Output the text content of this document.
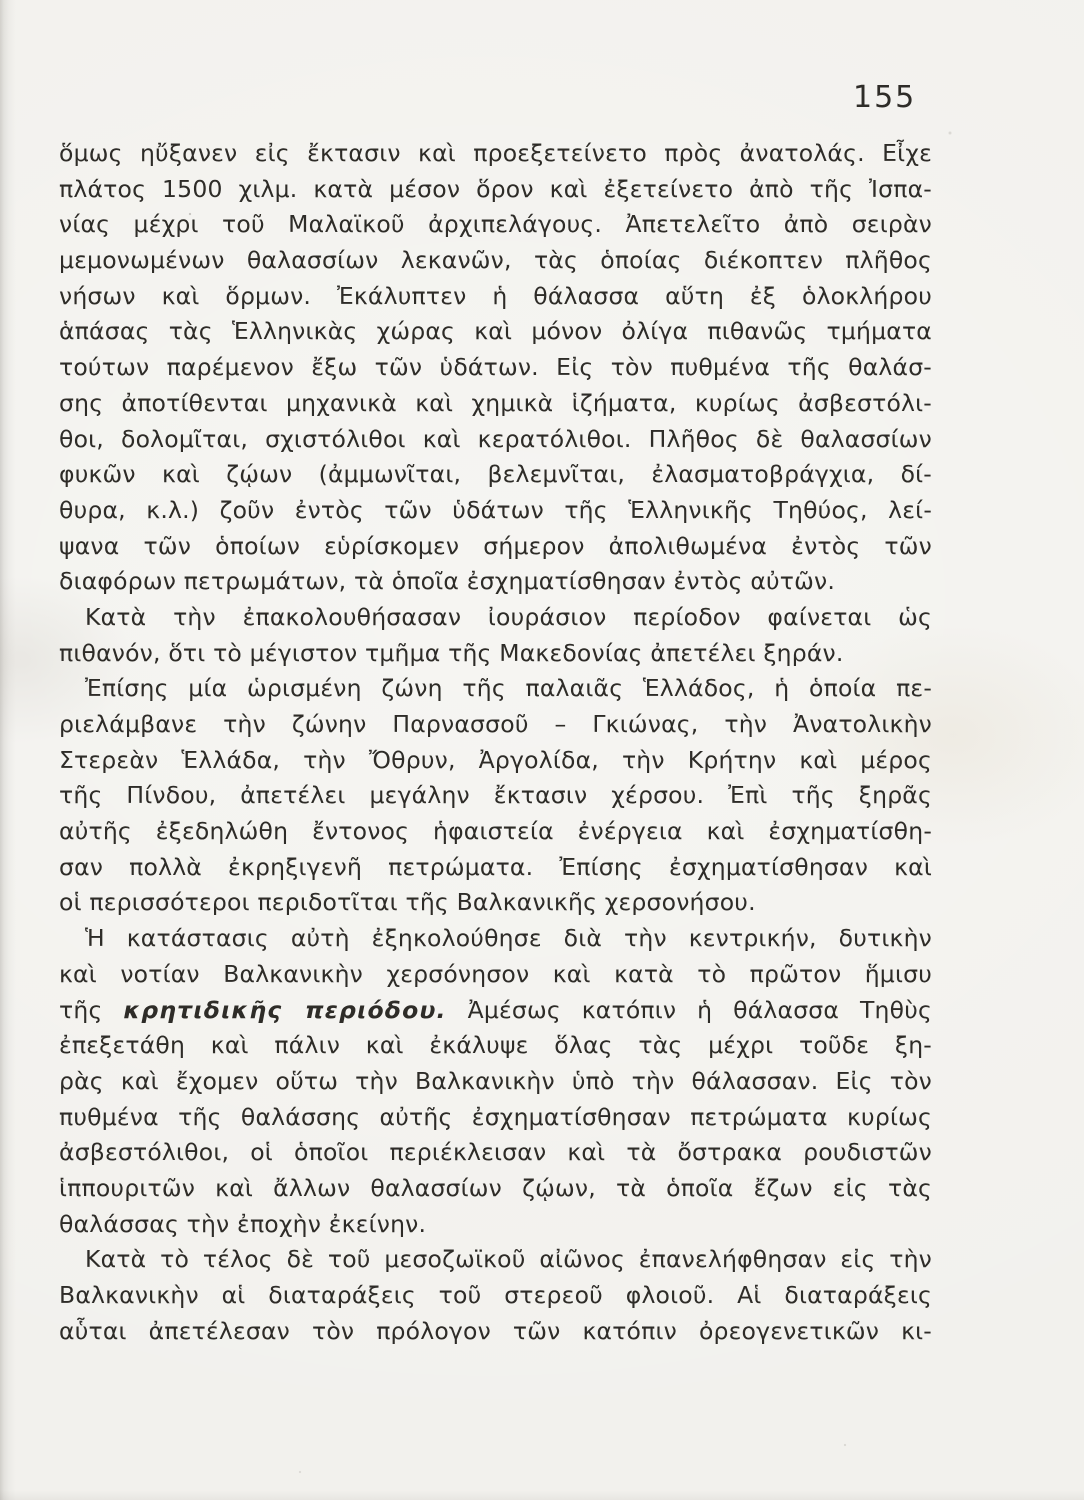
155
ὅμως ηὔξανεν εἰς ἔκτασιν καὶ προεξετείνετο πρὸς ἀνατολάς. Εἶχε
πλάτος 1500 χιλμ. κατὰ μέσον ὅρον καὶ ἐξετείνετο ἀπὸ τῆς Ἰσπα-
νίας μέχρι τοῦ Μαλαϊκοῦ ἀρχιπελάγους. Ἀπετελεῖτο ἀπὸ σειρὰν
μεμονωμένων θαλασσίων λεκανῶν, τὰς ὁποίας διέκοπτεν πλῆθος
νήσων καὶ ὅρμων. Ἐκάλυπτεν ἡ θάλασσα αὕτη ἐξ ὁλοκλήρου
ἁπάσας τὰς Ἑλληνικὰς χώρας καὶ μόνον ὀλίγα πιθανῶς τμήματα
τούτων παρέμενον ἔξω τῶν ὑδάτων. Εἰς τὸν πυθμένα τῆς θαλάσ-
σης ἀποτίθενται μηχανικὰ καὶ χημικὰ ἱζήματα, κυρίως ἀσβεστόλι-
θοι, δολομῖται, σχιστόλιθοι καὶ κερατόλιθοι. Πλῆθος δὲ θαλασσίων
φυκῶν καὶ ζῴων (ἀμμωνῖται, βελεμνῖται, ἐλασματοβράγχια, δί-
θυρα, κ.λ.) ζοῦν ἐντὸς τῶν ὑδάτων τῆς Ἑλληνικῆς Τηθύος, λεί-
ψανα τῶν ὁποίων εὑρίσκομεν σήμερον ἀπολιθωμένα ἐντὸς τῶν
διαφόρων πετρωμάτων, τὰ ὁποῖα ἐσχηματίσθησαν ἐντὸς αὐτῶν.
Κατὰ τὴν ἐπακολουθήσασαν ἰουράσιον περίοδον φαίνεται ὡς
πιθανόν, ὅτι τὸ μέγιστον τμῆμα τῆς Μακεδονίας ἀπετέλει ξηράν.
Ἐπίσης μία ὡρισμένη ζώνη τῆς παλαιᾶς Ἑλλάδος, ἡ ὁποία πε-
ριελάμβανε τὴν ζώνην Παρνασσοῦ – Γκιώνας, τὴν Ἀνατολικὴν
Στερεὰν Ἑλλάδα, τὴν Ὄθρυν, Ἀργολίδα, τὴν Κρήτην καὶ μέρος
τῆς Πίνδου, ἀπετέλει μεγάλην ἔκτασιν χέρσου. Ἐπὶ τῆς ξηρᾶς
αὐτῆς ἐξεδηλώθη ἔντονος ἡφαιστεία ἐνέργεια καὶ ἐσχηματίσθη-
σαν πολλὰ ἐκρηξιγενῆ πετρώματα. Ἐπίσης ἐσχηματίσθησαν καὶ
οἱ περισσότεροι περιδοτῖται τῆς Βαλκανικῆς χερσονήσου.
Ἡ κατάστασις αὐτὴ ἐξηκολούθησε διὰ τὴν κεντρικήν, δυτικὴν
καὶ νοτίαν Βαλκανικὴν χερσόνησον καὶ κατὰ τὸ πρῶτον ἥμισυ
τῆς κρητιδικῆς περιόδου. Ἀμέσως κατόπιν ἡ θάλασσα Τηθὺς
ἐπεξετάθη καὶ πάλιν καὶ ἐκάλυψε ὅλας τὰς μέχρι τοῦδε ξη-
ρὰς καὶ ἔχομεν οὕτω τὴν Βαλκανικὴν ὑπὸ τὴν θάλασσαν. Εἰς τὸν
πυθμένα τῆς θαλάσσης αὐτῆς ἐσχηματίσθησαν πετρώματα κυρίως
ἀσβεστόλιθοι, οἱ ὁποῖοι περιέκλεισαν καὶ τὰ ὄστρακα ρουδιστῶν
ἱππουριτῶν καὶ ἄλλων θαλασσίων ζῴων, τὰ ὁποῖα ἔζων εἰς τὰς
θαλάσσας τὴν ἐποχὴν ἐκείνην.
Κατὰ τὸ τέλος δὲ τοῦ μεσοζωϊκοῦ αἰῶνος ἐπανελήφθησαν εἰς τὴν
Βαλκανικὴν αἱ διαταράξεις τοῦ στερεοῦ φλοιοῦ. Αἱ διαταράξεις
αὗται ἀπετέλεσαν τὸν πρόλογον τῶν κατόπιν ὀρεογενετικῶν κι-
